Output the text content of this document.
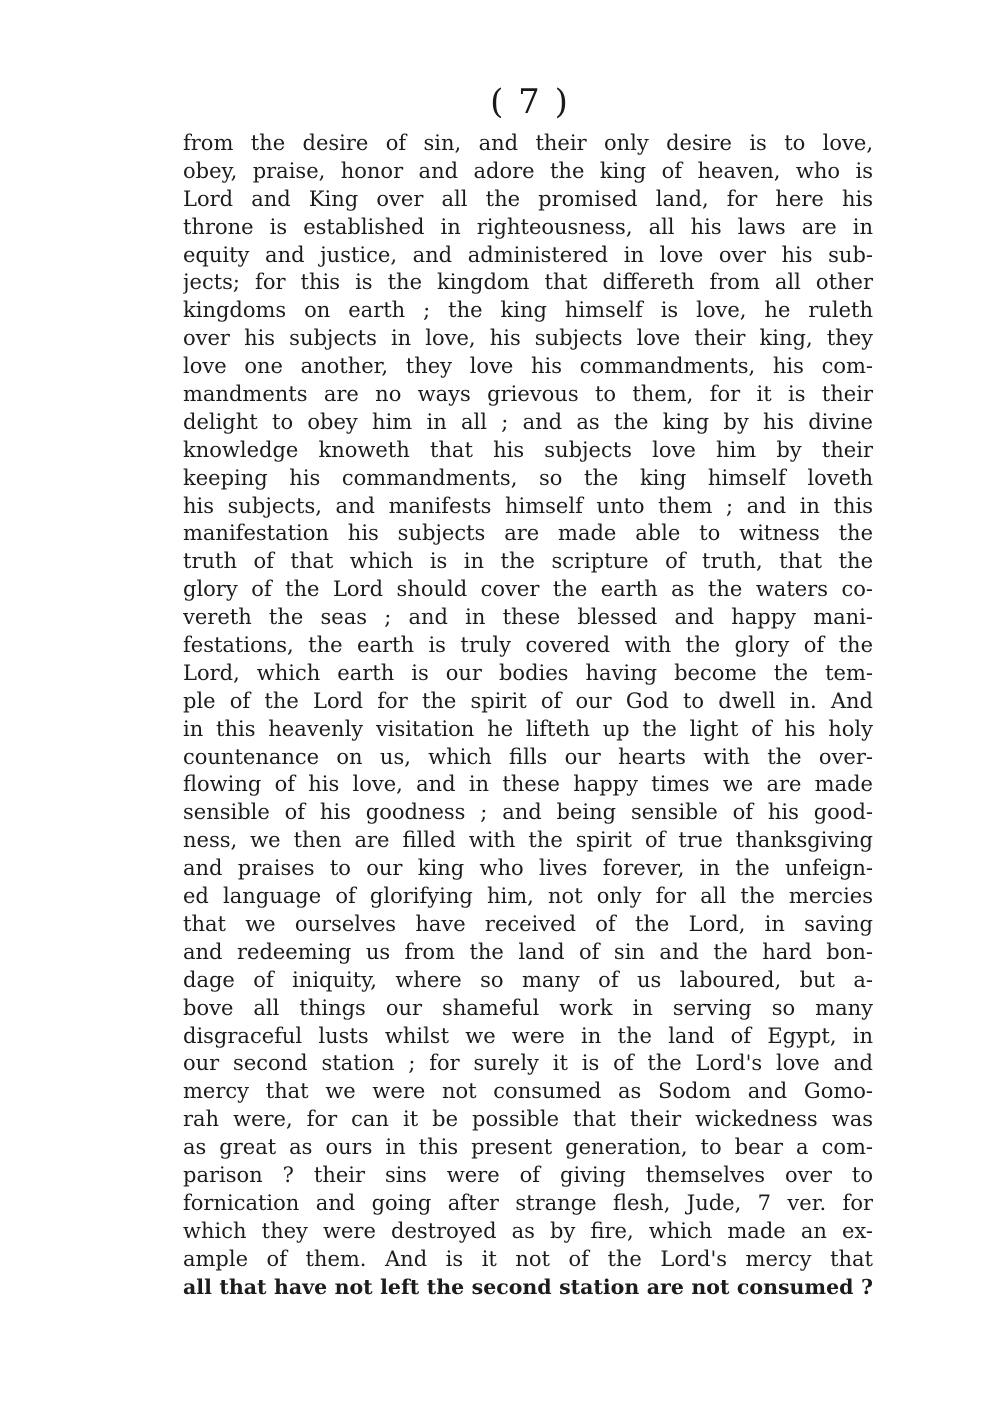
( 7 )
from the desire of sin, and their only desire is to love,
obey, praise, honor and adore the king of heaven, who is
Lord and King over all the promised land, for here his
throne is established in righteousness, all his laws are in
equity and justice, and administered in love over his sub-
jects; for this is the kingdom that differeth from all other
kingdoms on earth ; the king himself is love, he ruleth
over his subjects in love, his subjects love their king, they
love one another, they love his commandments, his com-
mandments are no ways grievous to them, for it is their
delight to obey him in all ; and as the king by his divine
knowledge knoweth that his subjects love him by their
keeping his commandments, so the king himself loveth
his subjects, and manifests himself unto them ; and in this
manifestation his subjects are made able to witness the
truth of that which is in the scripture of truth, that the
glory of the Lord should cover the earth as the waters co-
vereth the seas ; and in these blessed and happy mani-
festations, the earth is truly covered with the glory of the
Lord, which earth is our bodies having become the tem-
ple of the Lord for the spirit of our God to dwell in. And
in this heavenly visitation he lifteth up the light of his holy
countenance on us, which fills our hearts with the over-
flowing of his love, and in these happy times we are made
sensible of his goodness ; and being sensible of his good-
ness, we then are filled with the spirit of true thanksgiving
and praises to our king who lives forever, in the unfeign-
ed language of glorifying him, not only for all the mercies
that we ourselves have received of the Lord, in saving
and redeeming us from the land of sin and the hard bon-
dage of iniquity, where so many of us laboured, but a-
bove all things our shameful work in serving so many
disgraceful lusts whilst we were in the land of Egypt, in
our second station ; for surely it is of the Lord's love and
mercy that we were not consumed as Sodom and Gomo-
rah were, for can it be possible that their wickedness was
as great as ours in this present generation, to bear a com-
parison ? their sins were of giving themselves over to
fornication and going after strange flesh, Jude, 7 ver. for
which they were destroyed as by fire, which made an ex-
ample of them. And is it not of the Lord's mercy that
all that have not left the second station are not consumed ?
